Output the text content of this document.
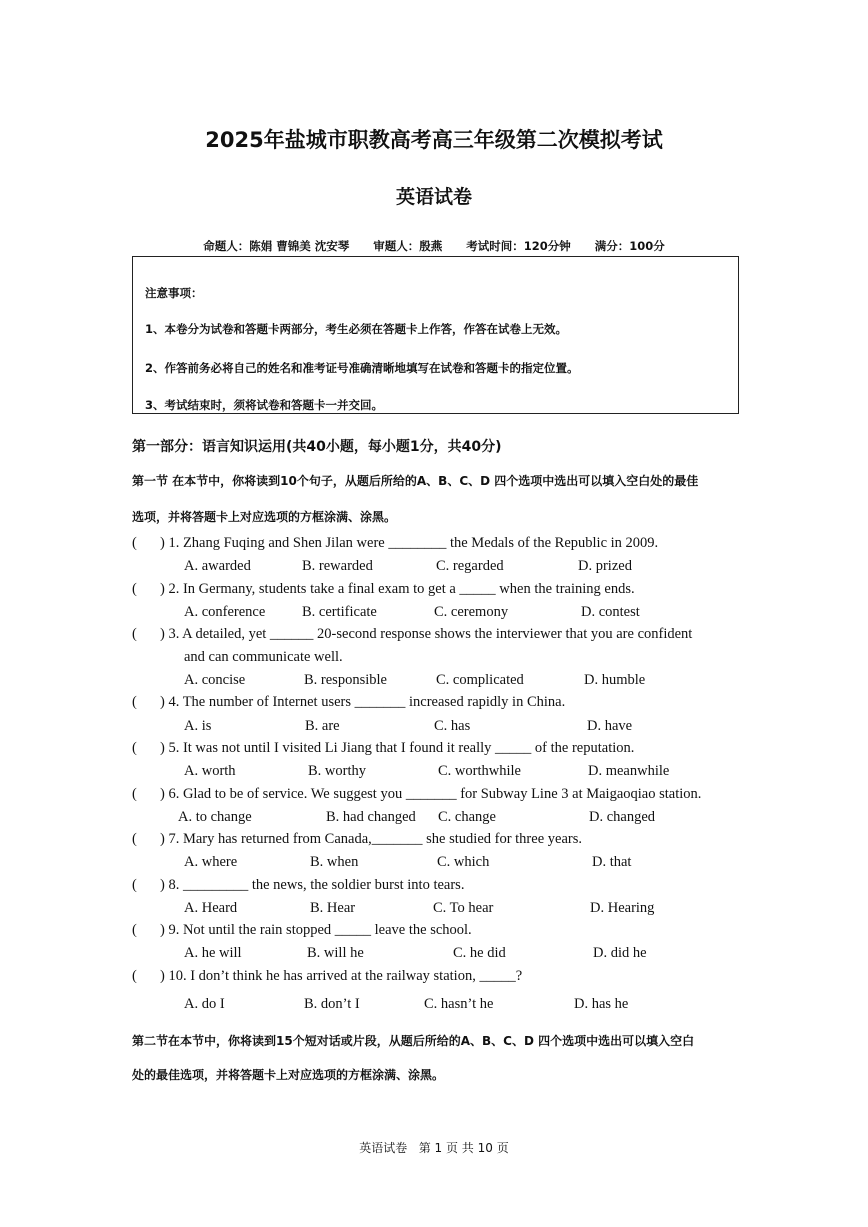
2025年盐城市职教高考高三年级第二次模拟考试
英语试卷
命题人：陈娟 曹锦美 沈安琴 审题人：殷燕 考试时间：120分钟 满分：100分
注意事项：
1、本卷分为试卷和答题卡两部分，考生必须在答题卡上作答，作答在试卷上无效。
2、作答前务必将自己的姓名和准考证号准确清晰地填写在试卷和答题卡的指定位置。
3、考试结束时，须将试卷和答题卡一并交回。
第一部分：语言知识运用(共40小题，每小题1分，共40分)
第一节 在本节中，你将读到10个句子，从题后所给的A、B、C、D 四个选项中选出可以填入空白处的最佳
选项，并将答题卡上对应选项的方框涂满、涂黑。
( ) 1. Zhang Fuqing and Shen Jilan were ________ the Medals of the Republic in 2009.
A. awarded	B. rewarded	C. regarded	D. prized
( ) 2. In Germany, students take a final exam to get a _____ when the training ends.
A. conference	B. certificate	C. ceremony	D. contest
( ) 3. A detailed, yet ______ 20-second response shows the interviewer that you are confident
and can communicate well.
A. concise	B. responsible	C. complicated	D. humble
( ) 4. The number of Internet users _______ increased rapidly in China.
A. is	B. are	C. has	D. have
( ) 5. It was not until I visited Li Jiang that I found it really _____ of the reputation.
A. worth	B. worthy	C. worthwhile	D. meanwhile
( ) 6. Glad to be of service. We suggest you _______ for Subway Line 3 at Maigaoqiao station.
A. to change	B. had changed C. change	D. changed
( ) 7. Mary has returned from Canada,_______ she studied for three years.
A. where	B. when	C. which	D. that
( ) 8. _________ the news, the soldier burst into tears.
A. Heard	B. Hear	C. To hear	D. Hearing
( ) 9. Not until the rain stopped _____ leave the school.
A. he will	B. will he	C. he did	D. did he
( ) 10. I don’t think he has arrived at the railway station, _____?
A. do I	B. don’t I	C. hasn’t he	D. has he
第二节在本节中，你将读到15个短对话或片段，从题后所给的A、B、C、D 四个选项中选出可以填入空白
处的最佳选项，并将答题卡上对应选项的方框涂满、涂黑。
英语试卷   第 1 页 共 10 页
